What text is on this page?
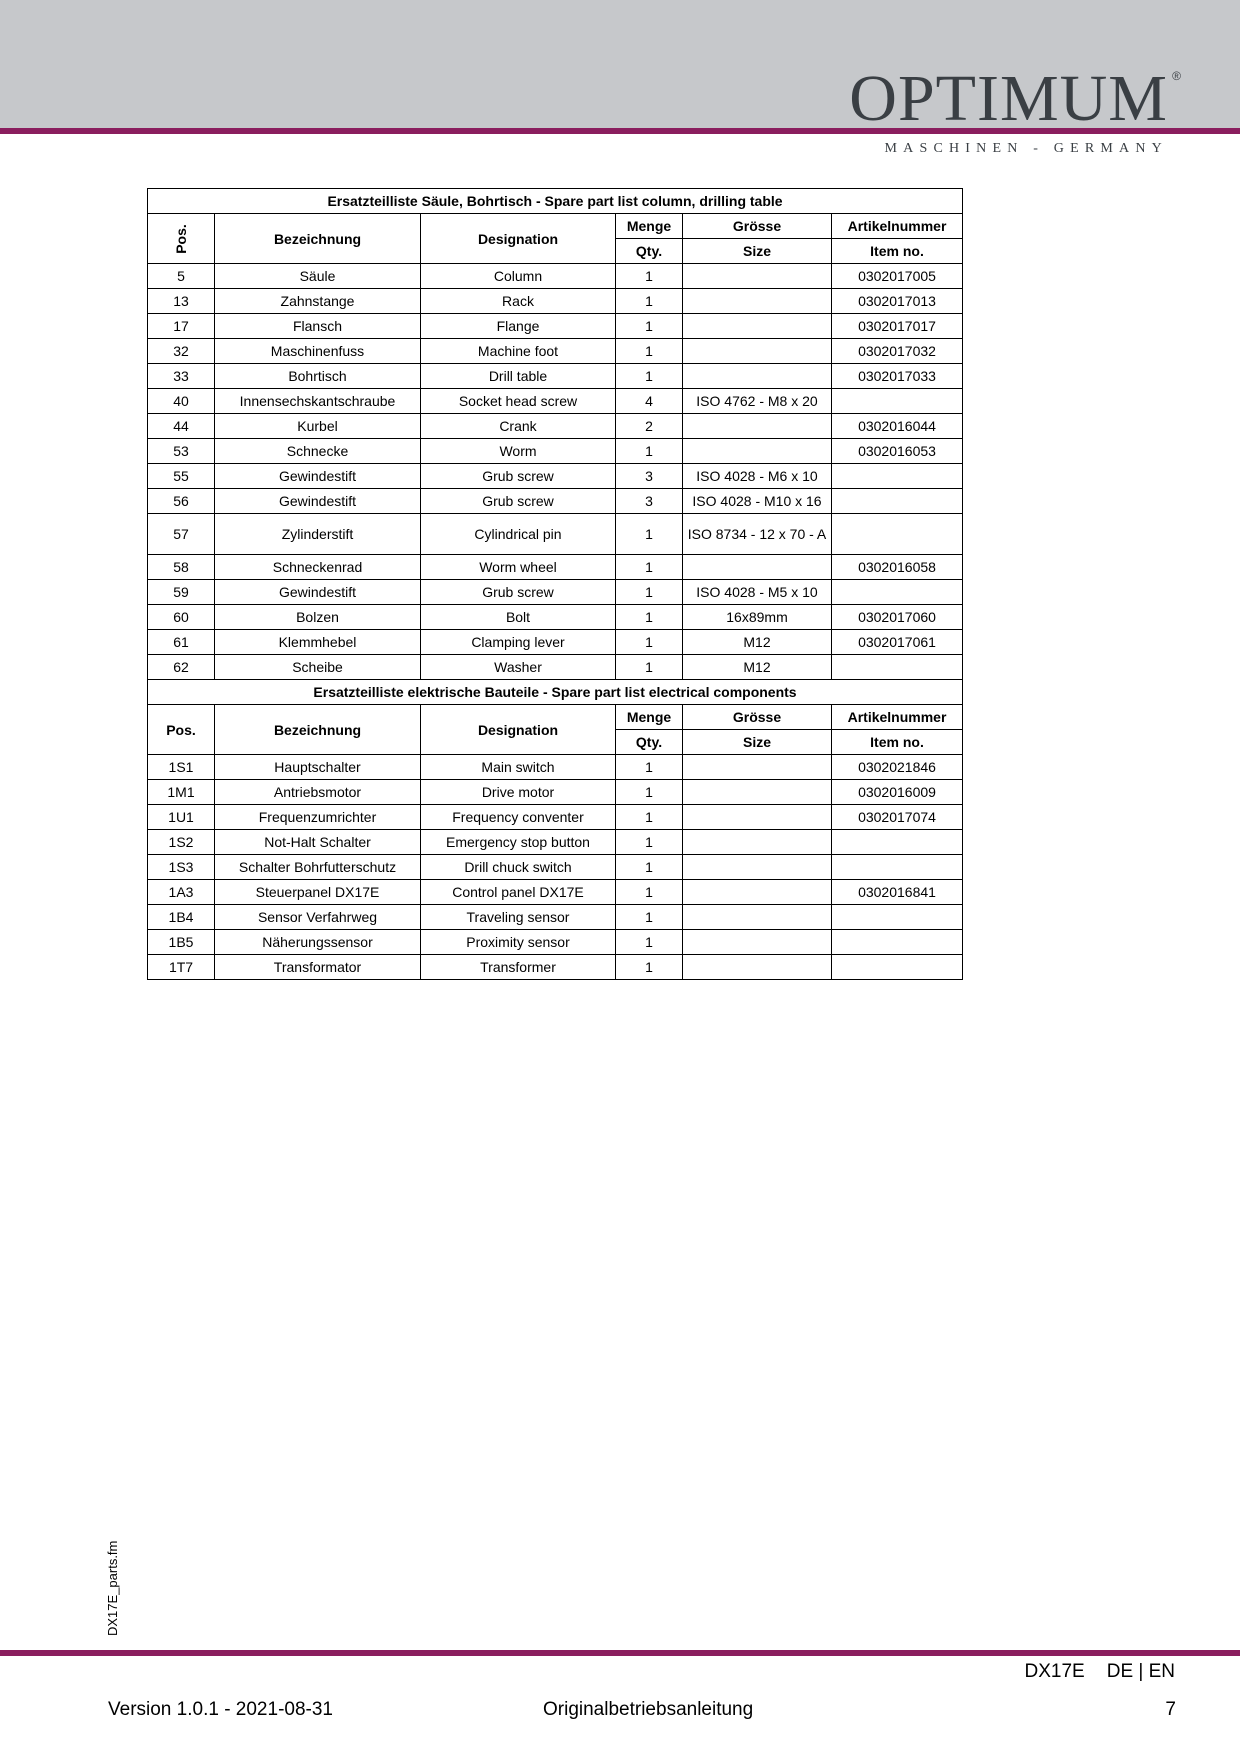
OPTIMUM ®
MASCHINEN - GERMANY
Ersatzteilliste Säule, Bohrtisch - Spare part list column, drilling table					
Pos.	Bezeichnung	Designation	Menge	Grösse	Artikelnummer
			Qty.	Size	Item no.
5	Säule	Column	1		0302017005
13	Zahnstange	Rack	1		0302017013
17	Flansch	Flange	1		0302017017
32	Maschinenfuss	Machine foot	1		0302017032
33	Bohrtisch	Drill table	1		0302017033
40	Innensechskantschraube	Socket head screw	4	ISO 4762 - M8 x 20	
44	Kurbel	Crank	2		0302016044
53	Schnecke	Worm	1		0302016053
55	Gewindestift	Grub screw	3	ISO 4028 - M6 x 10	
56	Gewindestift	Grub screw	3	ISO 4028 - M10 x 16	
57	Zylinderstift	Cylindrical pin	1	ISO 8734 - 12 x 70 - A	
58	Schneckenrad	Worm wheel	1		0302016058
59	Gewindestift	Grub screw	1	ISO 4028 - M5 x 10	
60	Bolzen	Bolt	1	16x89mm	0302017060
61	Klemmhebel	Clamping lever	1	M12	0302017061
62	Scheibe	Washer	1	M12	
Ersatzteilliste elektrische Bauteile - Spare part list electrical components					
Pos.	Bezeichnung	Designation	Menge	Grösse	Artikelnummer
			Qty.	Size	Item no.
1S1	Hauptschalter	Main switch	1		0302021846
1M1	Antriebsmotor	Drive motor	1		0302016009
1U1	Frequenzumrichter	Frequency conventer	1		0302017074
1S2	Not-Halt Schalter	Emergency stop button	1		
1S3	Schalter Bohrfutterschutz	Drill chuck switch	1		
1A3	Steuerpanel DX17E	Control panel DX17E	1		0302016841
1B4	Sensor Verfahrweg	Traveling sensor	1		
1B5	Näherungssensor	Proximity sensor	1		
1T7	Transformator	Transformer	1		
DX17E_parts.fm
DX17E DE | EN
Version 1.0.1 - 2021-08-31	Originalbetriebsanleitung	7
